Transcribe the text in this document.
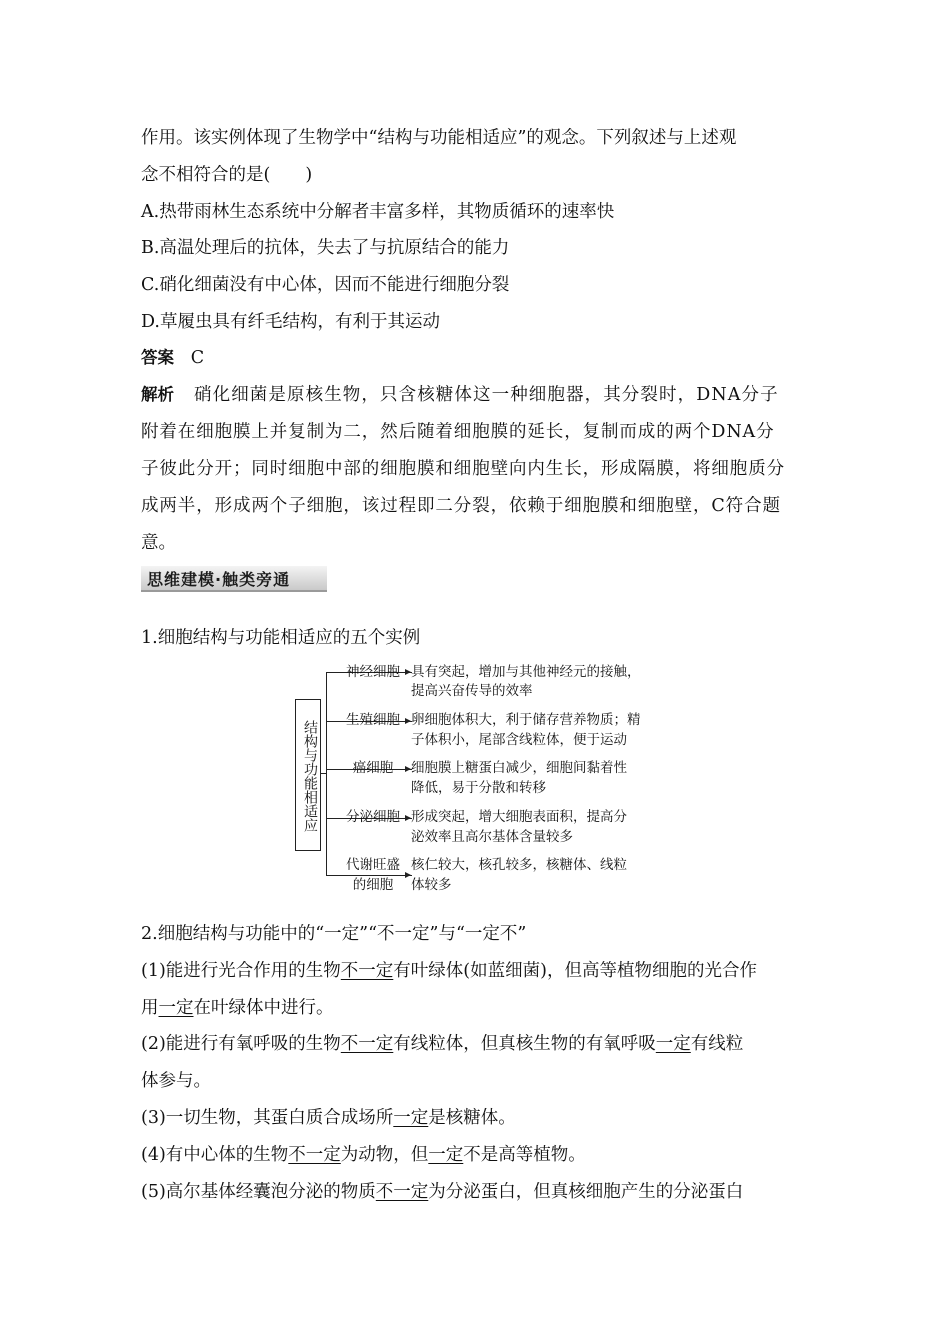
作用。该实例体现了生物学中“结构与功能相适应”的观念。下列叙述与上述观
念不相符合的是(　　)
A.热带雨林生态系统中分解者丰富多样，其物质循环的速率快
B.高温处理后的抗体，失去了与抗原结合的能力
C.硝化细菌没有中心体，因而不能进行细胞分裂
D.草履虫具有纤毛结构，有利于其运动
答案 C
解析 硝化细菌是原核生物，只含核糖体这一种细胞器，其分裂时，DNA分子
附着在细胞膜上并复制为二，然后随着细胞膜的延长，复制而成的两个DNA分
子彼此分开；同时细胞中部的细胞膜和细胞壁向内生长，形成隔膜，将细胞质分
成两半，形成两个子细胞，该过程即二分裂，依赖于细胞膜和细胞壁，C符合题
意。
思维建模·触类旁通
1.细胞结构与功能相适应的五个实例
结构与功能相适应
神经细胞 具有突起，增加与其他神经元的接触，
提高兴奋传导的效率
生殖细胞 卵细胞体积大，利于储存营养物质；精
子体积小，尾部含线粒体，便于运动
癌细胞	细胞膜上糖蛋白减少，细胞间黏着性
降低，易于分散和转移
分泌细胞 形成突起，增大细胞表面积，提高分
泌效率且高尔基体含量较多
代谢旺盛
的细胞
核仁较大，核孔较多，核糖体、线粒
体较多
2.细胞结构与功能中的“一定”“不一定”与“一定不”
(1)能进行光合作用的生物不一定有叶绿体(如蓝细菌)，但高等植物细胞的光合作
用一定在叶绿体中进行。
(2)能进行有氧呼吸的生物不一定有线粒体，但真核生物的有氧呼吸一定有线粒
体参与。
(3)一切生物，其蛋白质合成场所一定是核糖体。
(4)有中心体的生物不一定为动物，但一定不是高等植物。
(5)高尔基体经囊泡分泌的物质不一定为分泌蛋白，但真核细胞产生的分泌蛋白
